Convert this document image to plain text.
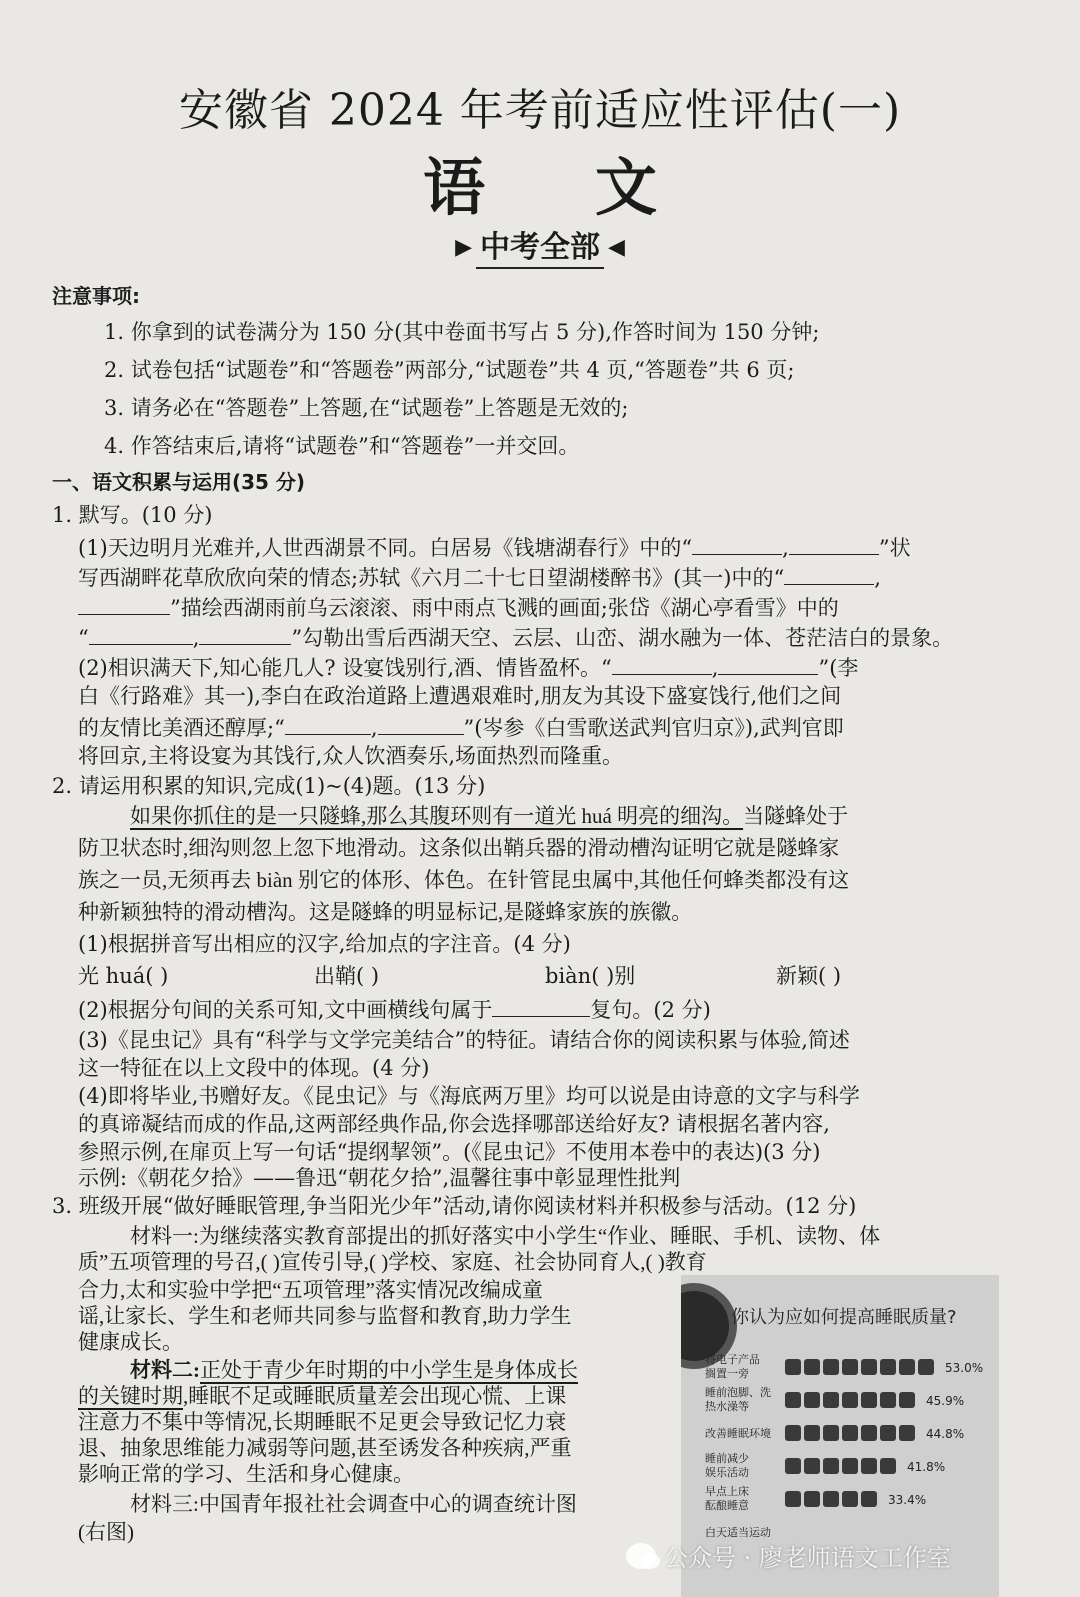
安徽省 2024 年考前适应性评估(一)
语文
▶ 中考全部 ◀
注意事项:
1. 你拿到的试卷满分为 150 分(其中卷面书写占 5 分),作答时间为 150 分钟;
2. 试卷包括“试题卷”和“答题卷”两部分,“试题卷”共 4 页,“答题卷”共 6 页;
3. 请务必在“答题卷”上答题,在“试题卷”上答题是无效的;
4. 作答结束后,请将“试题卷”和“答题卷”一并交回。
一、语文积累与运用(35 分)
1. 默写。(10 分)
(1)天边明月光难并,人世西湖景不同。白居易《钱塘湖春行》中的“	,	”状
写西湖畔花草欣欣向荣的情态;苏轼《六月二十七日望湖楼醉书》(其一)中的“	,
”描绘西湖雨前乌云滚滚、雨中雨点飞溅的画面;张岱《湖心亭看雪》中的
“	,	”勾勒出雪后西湖天空、云层、山峦、湖水融为一体、苍茫洁白的景象。
(2)相识满天下,知心能几人? 设宴饯别行,酒、情皆盈杯。“	,	”(李
白《行路难》其一),李白在政治道路上遭遇艰难时,朋友为其设下盛宴饯行,他们之间
的友情比美酒还醇厚;“	,	”(岑参《白雪歌送武判官归京》),武判官即
将回京,主将设宴为其饯行,众人饮酒奏乐,场面热烈而隆重。
2. 请运用积累的知识,完成(1)~(4)题。(13 分)
如果你抓住的是一只隧蜂,那么其腹环则有一道光 huá 明亮的细沟。当隧蜂处于
防卫状态时,细沟则忽上忽下地滑动。这条似出鞘兵器的滑动槽沟证明它就是隧蜂家
族之一员,无须再去 biàn 别它的体形、体色。在针管昆虫属中,其他任何蜂类都没有这
种新颖独特的滑动槽沟。这是隧蜂的明显标记,是隧蜂家族的族徽。
(1)根据拼音写出相应的汉字,给加点的字注音。(4 分)
光 huá( )	出鞘( )	biàn( )别	新颖( )
(2)根据分句间的关系可知,文中画横线句属于	复句。(2 分)
(3)《昆虫记》具有“科学与文学完美结合”的特征。请结合你的阅读积累与体验,简述
这一特征在以上文段中的体现。(4 分)
(4)即将毕业,书赠好友。《昆虫记》与《海底两万里》均可以说是由诗意的文字与科学
的真谛凝结而成的作品,这两部经典作品,你会选择哪部送给好友? 请根据名著内容,
参照示例,在扉页上写一句话“提纲挈领”。(《昆虫记》不使用本卷中的表达)(3 分)
示例:《朝花夕拾》——鲁迅“朝花夕拾”,温馨往事中彰显理性批判
3. 班级开展“做好睡眠管理,争当阳光少年”活动,请你阅读材料并积极参与活动。(12 分)
材料一:为继续落实教育部提出的抓好落实中小学生“作业、睡眠、手机、读物、体
质”五项管理的号召,( )宣传引导,( )学校、家庭、社会协同育人,( )教育
合力,太和实验中学把“五项管理”落实情况改编成童
谣,让家长、学生和老师共同参与监督和教育,助力学生
健康成长。
材料二:正处于青少年时期的中小学生是身体成长
的关键时期,睡眠不足或睡眠质量差会出现心慌、上课
注意力不集中等情况,长期睡眠不足更会导致记忆力衰
退、抽象思维能力减弱等问题,甚至诱发各种疾病,严重
影响正常的学习、生活和身心健康。
材料三:中国青年报社社会调查中心的调查统计图
(右图)
你认为应如何提高睡眠质量?
将电子产品
搁置一旁	53.0%
睡前泡脚、洗
热水澡等	45.9%
改善睡眠环境	44.8%
睡前减少
娱乐活动	41.8%
早点上床
酝酿睡意	33.4%
白天适当运动
公众号 · 廖老师语文工作室
